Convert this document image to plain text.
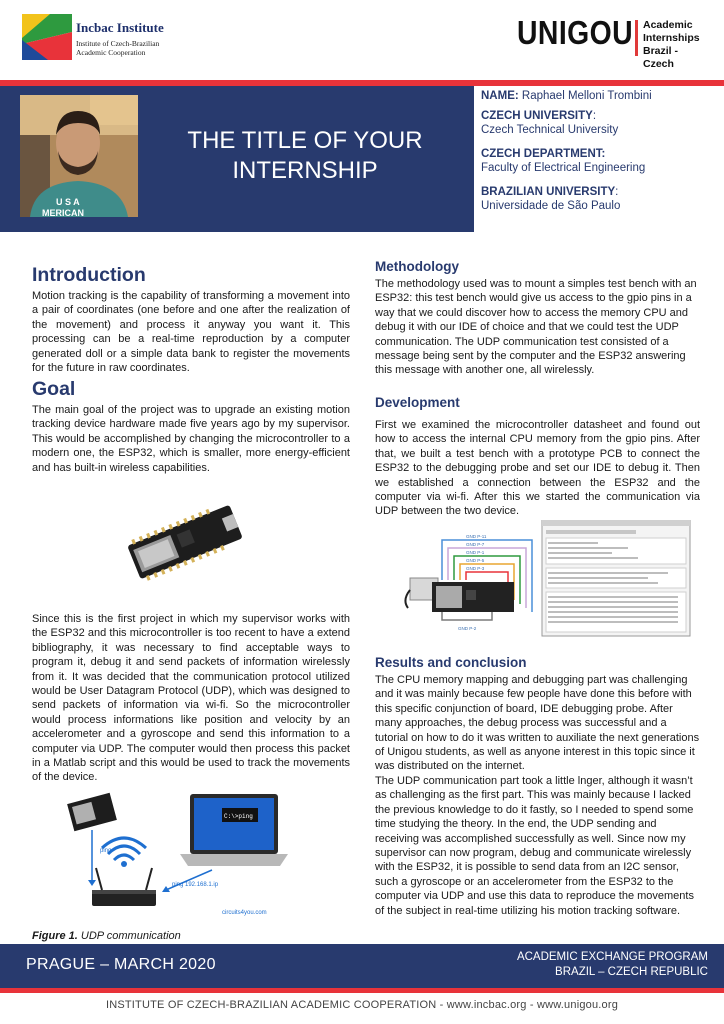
Incbac Institute
Institute of Czech-Brazilian
Academic Cooperation
UNIGOU Academic
Internships
Brazil - Czech
U S A
MERICAN
THE TITLE OF YOUR
INTERNSHIP
NAME: Raphael Melloni Trombini
CZECH UNIVERSITY:
Czech Technical University
CZECH DEPARTMENT:
Faculty of Electrical Engineering
BRAZILIAN UNIVERSITY:
Universidade de São Paulo
Introduction
Motion tracking is the capability of transforming a movement into a pair of coordinates (one before and one after the realization of the movement) and process it anyway you want it. This processing can be a real-time reproduction by a computer generated doll or a simple data bank to register the movements for the future in raw coordinates.
Goal
The main goal of the project was to upgrade an existing motion tracking device hardware made five years ago by my supervisor. This would be accomplished by changing the microcontroller to a modern one, the ESP32, which is smaller, more energy-efficient and has built-in wireless capabilities.
Since this is the first project in which my supervisor works with the ESP32 and this microcontroller is too recent to have a extend bibliography, it was necessary to find acceptable ways to program it, debug it and send packets of information wirelessly from it. It was decided that the communication protocol utilized would be User Datagram Protocol (UDP), which was designed to send packets of information via wi-fi. So the microcontroller would process informations like position and velocity by an accelerometer and a gyroscope and send this information to a computer via UDP. The computer would then process this packet in a Matlab script and this would be used to track the movements of the device.
ping
C:\>ping
ping 192.168.1.ip
circuits4you.com
Figure 1. UDP communication
Methodology
The methodology used was to mount a simples test bench with an ESP32: this test bench would give us access to the gpio pins in a way that we could discover how to access the memory CPU and debug it with our IDE of choice and that we could test the UDP communication. The UDP communication test consisted of a message being sent by the computer and the ESP32 answering this message with another one, all wirelessly.
Development
First we examined the microcontroller datasheet and found out how to access the internal CPU memory from the gpio pins. After that, we built a test bench with a prototype PCB to connect the ESP32 to the debugging probe and set our IDE to debug it. Then we established a connection between the ESP32 and the computer via wi-fi. After this we started the communication via UDP between the two device.
GND P-11
GND P-7
GND P-1
GND P-5
GND P-3
GND P-2
Results and conclusion
The CPU memory mapping and debugging part was challenging and it was mainly because few people have done this before with this specific conjunction of board, IDE debugging probe. After many approaches, the debug process was successful and a tutorial on how to do it was written to auxiliate the next generations of Unigou students, as well as anyone interest in this topic since it was distributed on the internet.
The UDP communication part took a little lnger, although it wasn’t as challenging as the first part. This was mainly because I lacked the previous knowledge to do it fastly, so I needed to spend some time studying the theory. In the end, the UDP sending and receiving was accomplished successfully as well. Since now my supervisor can now program, debug and communicate wirelessly with the ESP32, it is possible to send data from an I2C sensor, such a gyroscope or an accelerometer from the ESP32 to the computer via UDP and use this data to reproduce the movements of the subject in real-time utilizing his motion tracking software.
PRAGUE – MARCH 2020	ACADEMIC EXCHANGE PROGRAM
BRAZIL – CZECH REPUBLIC
INSTITUTE OF CZECH-BRAZILIAN ACADEMIC COOPERATION - www.incbac.org - www.unigou.org
